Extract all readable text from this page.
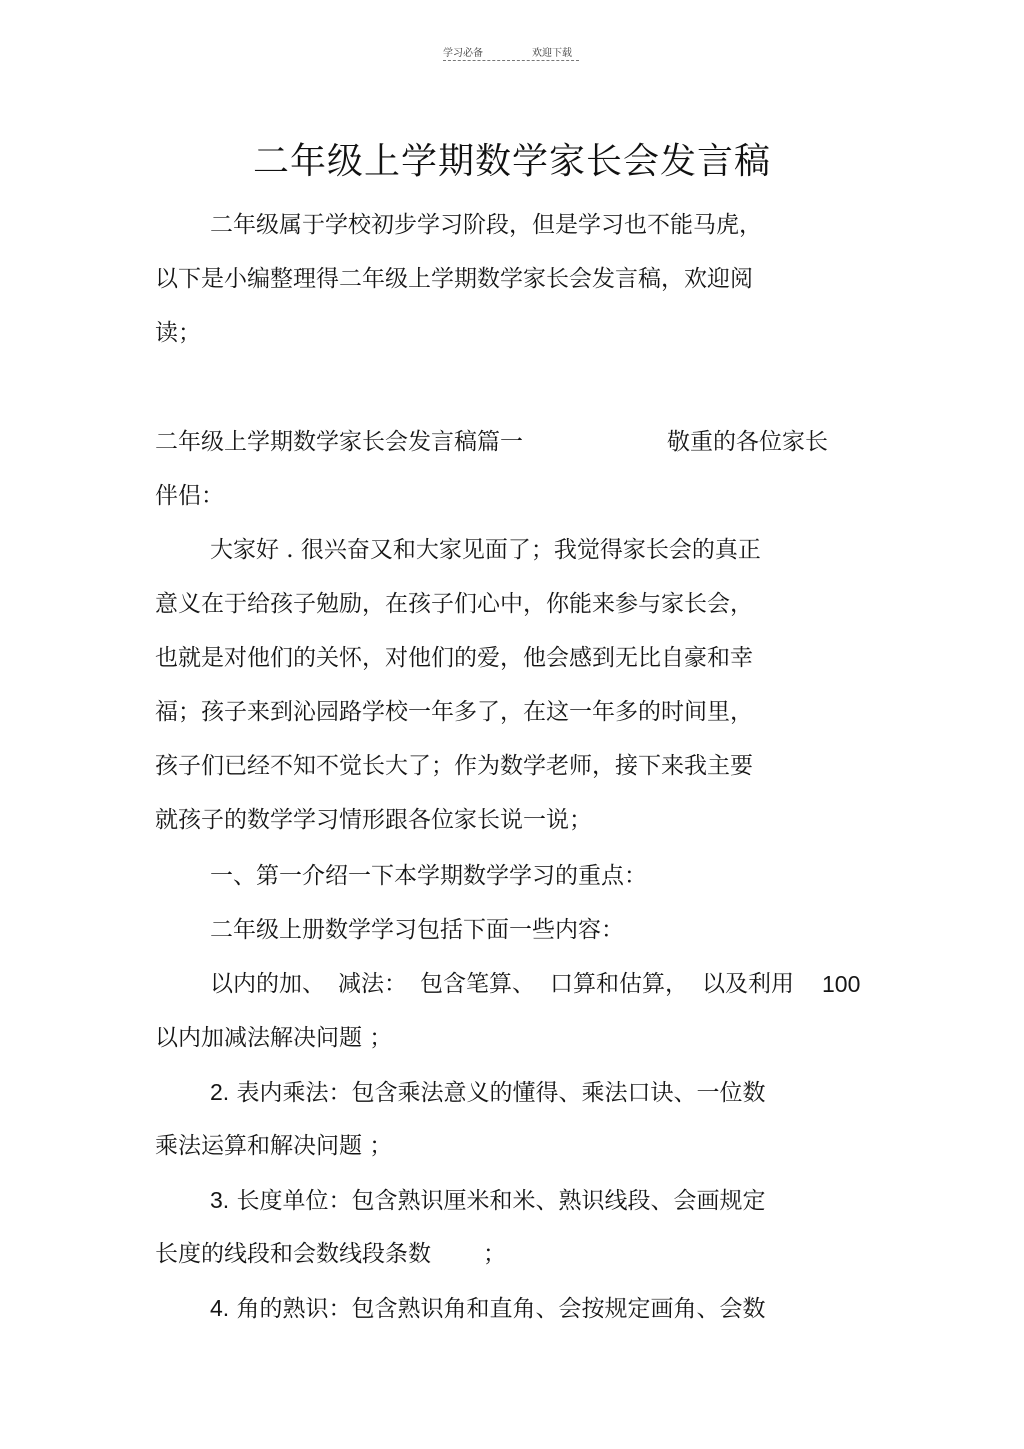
学习必备	欢迎下载
二年级上学期数学家长会发言稿
二年级属于学校初步学习阶段，但是学习也不能马虎，
以下是小编整理得二年级上学期数学家长会发言稿，欢迎阅
读；
二年级上学期数学家长会发言稿篇一	敬重的各位家长
伴侣：
大家好 . 很兴奋又和大家见面了；我觉得家长会的真正
意义在于给孩子勉励，在孩子们心中，你能来参与家长会，
也就是对他们的关怀，对他们的爱，他会感到无比自豪和幸
福；孩子来到沁园路学校一年多了，在这一年多的时间里，
孩子们已经不知不觉长大了；作为数学老师，接下来我主要
就孩子的数学学习情形跟各位家长说一说；
一、第一介绍一下本学期数学学习的重点：
二年级上册数学学习包括下面一些内容：
以内的加、 减法： 包含笔算、 口算和估算， 以及利用 100
以内加减法解决问题 ；
2. 表内乘法：包含乘法意义的懂得、乘法口诀、一位数
乘法运算和解决问题 ；
3. 长度单位：包含熟识厘米和米、熟识线段、会画规定
长度的线段和会数线段条数 ；
4. 角的熟识：包含熟识角和直角、会按规定画角、会数
